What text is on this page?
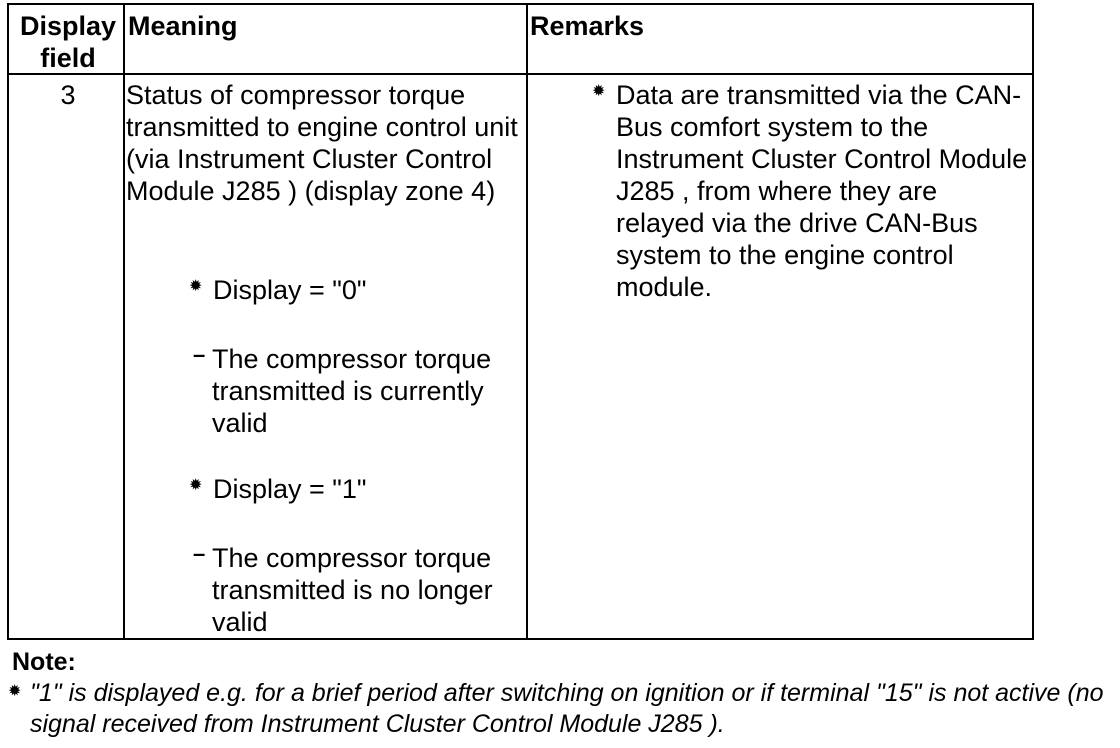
Display field
Meaning	Remarks
3	Status of compressor torque transmitted to engine control unit (via Instrument Cluster Control Module J285 ) (display zone 4)
✹ Display = "0"
– The compressor torque transmitted is currently valid
✹ Display = "1"
– The compressor torque transmitted is no longer valid
✹ Data are transmitted via the CAN-Bus comfort system to the Instrument Cluster Control Module J285 , from where they are relayed via the drive CAN-Bus system to the engine control module.
Note:
✹ "1" is displayed e.g. for a brief period after switching on ignition or if terminal "15" is not active (no signal received from Instrument Cluster Control Module J285 ).
